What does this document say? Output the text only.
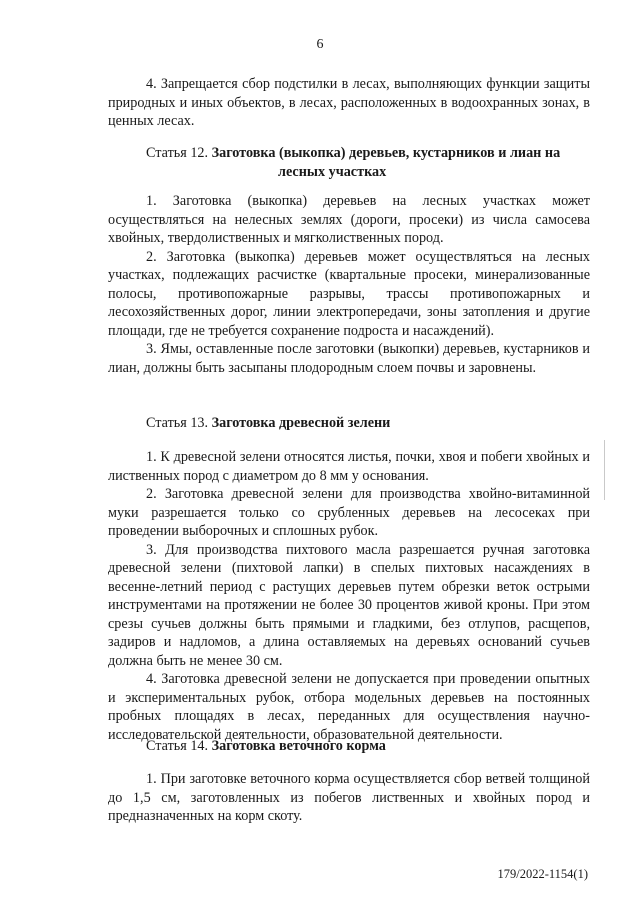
6

4. Запрещается сбор подстилки в лесах, выполняющих функции защиты природных и иных объектов, в лесах, расположенных в водоохранных зонах, в ценных лесах.

Статья 12. Заготовка (выкопка) деревьев, кустарников и лиан на

лесных участках

1. Заготовка (выкопка) деревьев на лесных участках может осуществляться на нелесных землях (дороги, просеки) из числа самосева хвойных, твердолиственных и мягколиственных пород.

2. Заготовка (выкопка) деревьев может осуществляться на лесных участках, подлежащих расчистке (квартальные просеки, минерализованные полосы, противопожарные разрывы, трассы противопожарных и лесохозяйственных дорог, линии электропередачи, зоны затопления и другие площади, где не требуется сохранение подроста и насаждений).

3. Ямы, оставленные после заготовки (выкопки) деревьев, кустарников и лиан, должны быть засыпаны плодородным слоем почвы и заровнены.

Статья 13. Заготовка древесной зелени

1. К древесной зелени относятся листья, почки, хвоя и побеги хвойных и лиственных пород с диаметром до 8 мм у основания.

2. Заготовка древесной зелени для производства хвойно-витаминной муки разрешается только со срубленных деревьев на лесосеках при проведении выборочных и сплошных рубок.

3. Для производства пихтового масла разрешается ручная заготовка древесной зелени (пихтовой лапки) в спелых пихтовых насаждениях в весенне-летний период с растущих деревьев путем обрезки веток острыми инструментами на протяжении не более 30 процентов живой кроны. При этом срезы сучьев должны быть прямыми и гладкими, без отлупов, расщепов, задиров и надломов, а длина оставляемых на деревьях оснований сучьев должна быть не менее 30 см.

4. Заготовка древесной зелени не допускается при проведении опытных и экспериментальных рубок, отбора модельных деревьев на постоянных пробных площадях в лесах, переданных для осуществления научно-исследовательской деятельности, образовательной деятельности.

Статья 14. Заготовка веточного корма

1. При заготовке веточного корма осуществляется сбор ветвей толщиной до 1,5 см, заготовленных из побегов лиственных и хвойных пород и предназначенных на корм скоту.

179/2022-1154(1)
